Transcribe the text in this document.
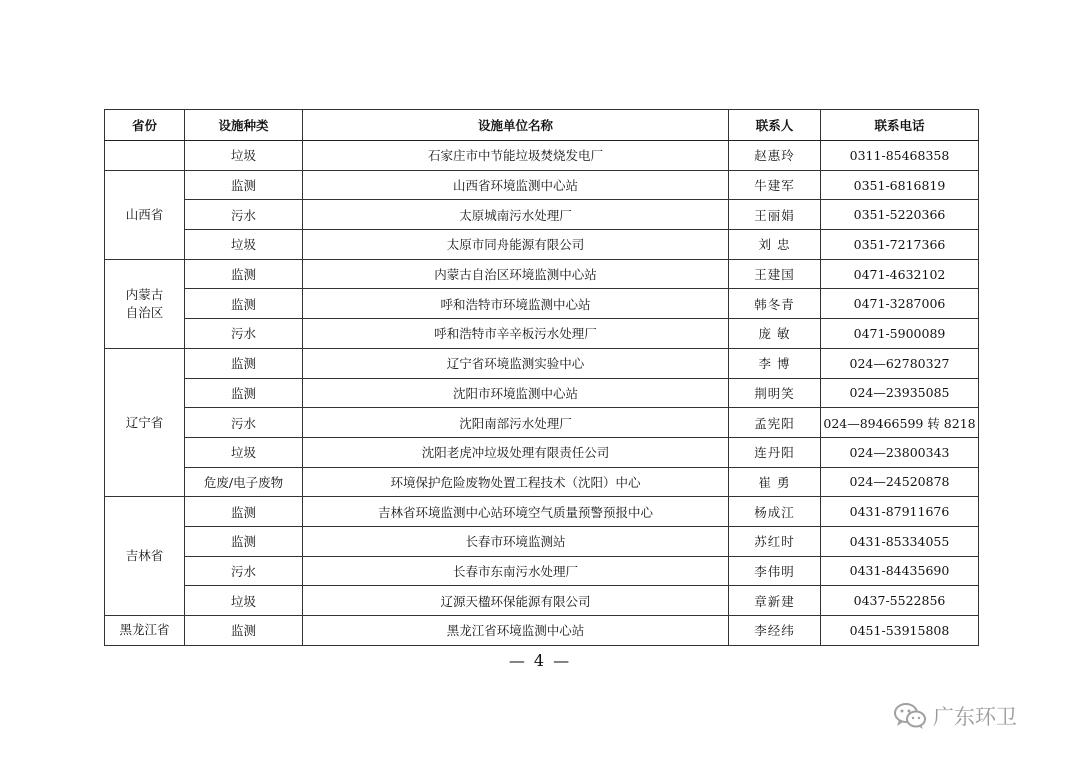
省份	设施种类	设施单位名称	联系人	联系电话
	垃圾	石家庄市中节能垃圾焚烧发电厂	赵惠玲	0311-85468358
山西省	监测	山西省环境监测中心站	牛建军	0351-6816819
	污水	太原城南污水处理厂	王丽娟	0351-5220366
	垃圾	太原市同舟能源有限公司	刘 忠	0351-7217366
内蒙古自治区	监测	内蒙古自治区环境监测中心站	王建国	0471-4632102
	监测	呼和浩特市环境监测中心站	韩冬青	0471-3287006
	污水	呼和浩特市辛辛板污水处理厂	庞 敏	0471-5900089
辽宁省	监测	辽宁省环境监测实验中心	李 博	024—62780327
	监测	沈阳市环境监测中心站	荆明笑	024—23935085
	污水	沈阳南部污水处理厂	孟宪阳	024—89466599 转 8218
	垃圾	沈阳老虎冲垃圾处理有限责任公司	连丹阳	024—23800343
	危废/电子废物	环境保护危险废物处置工程技术（沈阳）中心	崔 勇	024—24520878
吉林省	监测	吉林省环境监测中心站环境空气质量预警预报中心	杨成江	0431-87911676
	监测	长春市环境监测站	苏红时	0431-85334055
	污水	长春市东南污水处理厂	李伟明	0431-84435690
	垃圾	辽源天楹环保能源有限公司	章新建	0437-5522856
黑龙江省	监测	黑龙江省环境监测中心站	李经纬	0451-53915808
— 4 —
广东环卫
